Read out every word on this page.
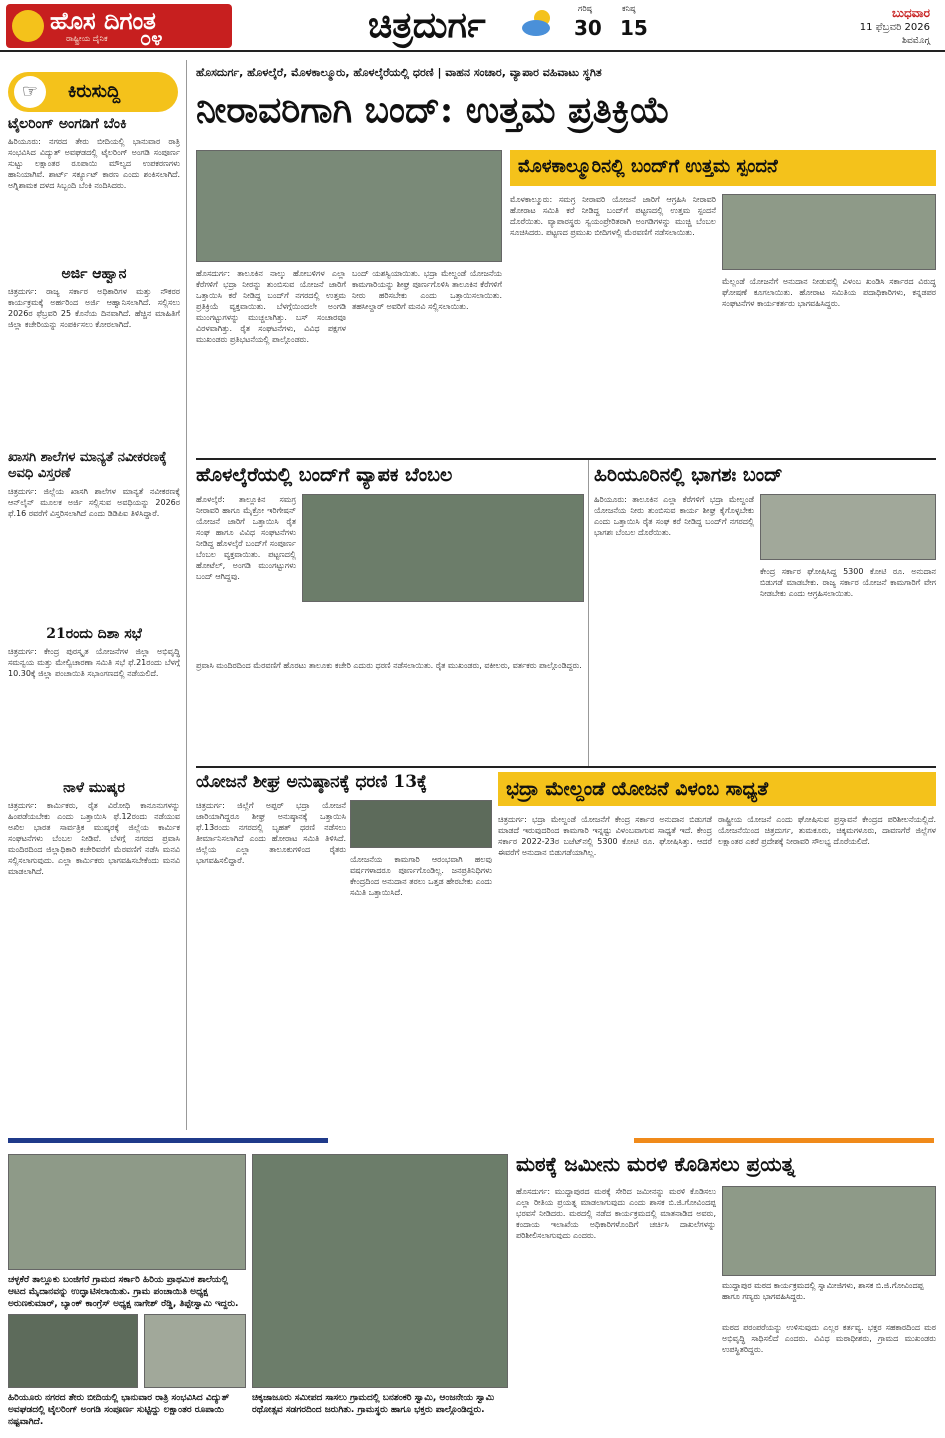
ಹೊಸ ದಿಗಂತ
ರಾಷ್ಟ್ರೀಯ ದೈನಿಕ ೦೪	ಚಿತ್ರದುರ್ಗ	ಗರಿಷ್ಠ
30
ಕನಿಷ್ಠ
15
ಬುಧವಾರ
11 ಫೆಬ್ರವರಿ 2026
ಶಿವಮೊಗ್ಗ
☞	ಕಿರುಸುದ್ದಿ
ಟೈಲರಿಂಗ್ ಅಂಗಡಿಗೆ ಬೆಂಕಿ
ಹಿರಿಯೂರು: ನಗರದ ತೇರು ಬೀದಿಯಲ್ಲಿ ಭಾನುವಾರ ರಾತ್ರಿ ಸಂಭವಿಸಿದ ವಿದ್ಯುತ್ ಅವಘಡದಲ್ಲಿ ಟೈಲರಿಂಗ್ ಅಂಗಡಿ ಸಂಪೂರ್ಣ ಸುಟ್ಟು ಲಕ್ಷಾಂತರ ರೂಪಾಯಿ ಮೌಲ್ಯದ ಉಪಕರಣಗಳು ಹಾನಿಯಾಗಿವೆ. ಶಾರ್ಟ್ ಸರ್ಕ್ಯೂಟ್ ಕಾರಣ ಎಂದು ಶಂಕಿಸಲಾಗಿದೆ. ಅಗ್ನಿಶಾಮಕ ದಳದ ಸಿಬ್ಬಂದಿ ಬೆಂಕಿ ನಂದಿಸಿದರು.
ಅರ್ಜಿ ಆಹ್ವಾನ
ಚಿತ್ರದುರ್ಗ: ರಾಜ್ಯ ಸರ್ಕಾರ ಅಧಿಕಾರಿಗಳ ಮತ್ತು ನೌಕರರ ಕಾರ್ಯಕ್ರಮಕ್ಕೆ ಅರ್ಹರಿಂದ ಅರ್ಜಿ ಆಹ್ವಾನಿಸಲಾಗಿದೆ. ಸಲ್ಲಿಸಲು 2026ರ ಫೆಬ್ರವರಿ 25 ಕೊನೆಯ ದಿನವಾಗಿದೆ. ಹೆಚ್ಚಿನ ಮಾಹಿತಿಗೆ ಜಿಲ್ಲಾ ಕಚೇರಿಯನ್ನು ಸಂಪರ್ಕಿಸಲು ಕೋರಲಾಗಿದೆ.
ಖಾಸಗಿ ಶಾಲೆಗಳ ಮಾನ್ಯತೆ ನವೀಕರಣಕ್ಕೆ ಅವಧಿ ವಿಸ್ತರಣೆ
ಚಿತ್ರದುರ್ಗ: ಜಿಲ್ಲೆಯ ಖಾಸಗಿ ಶಾಲೆಗಳ ಮಾನ್ಯತೆ ನವೀಕರಣಕ್ಕೆ ಆನ್‌ಲೈನ್ ಮೂಲಕ ಅರ್ಜಿ ಸಲ್ಲಿಸುವ ಅವಧಿಯನ್ನು 2026ರ ಫೆ.16 ರವರೆಗೆ ವಿಸ್ತರಿಸಲಾಗಿದೆ ಎಂದು ಡಿಡಿಪಿಐ ತಿಳಿಸಿದ್ದಾರೆ.
21ರಂದು ದಿಶಾ ಸಭೆ
ಚಿತ್ರದುರ್ಗ: ಕೇಂದ್ರ ಪುರಸ್ಕೃತ ಯೋಜನೆಗಳ ಜಿಲ್ಲಾ ಅಭಿವೃದ್ಧಿ ಸಮನ್ವಯ ಮತ್ತು ಮೇಲ್ವಿಚಾರಣಾ ಸಮಿತಿ ಸಭೆ ಫೆ.21ರಂದು ಬೆಳಗ್ಗೆ 10.30ಕ್ಕೆ ಜಿಲ್ಲಾ ಪಂಚಾಯಿತಿ ಸಭಾಂಗಣದಲ್ಲಿ ನಡೆಯಲಿದೆ.
ನಾಳೆ ಮುಷ್ಕರ
ಚಿತ್ರದುರ್ಗ: ಕಾರ್ಮಿಕರು, ರೈತ ವಿರೋಧಿ ಕಾನೂನುಗಳನ್ನು ಹಿಂಪಡೆಯಬೇಕು ಎಂದು ಒತ್ತಾಯಿಸಿ ಫೆ.12ರಂದು ನಡೆಯುವ ಅಖಿಲ ಭಾರತ ಸಾರ್ವತ್ರಿಕ ಮುಷ್ಕರಕ್ಕೆ ಜಿಲ್ಲೆಯ ಕಾರ್ಮಿಕ ಸಂಘಟನೆಗಳು ಬೆಂಬಲ ನೀಡಿವೆ. ಬೆಳಗ್ಗೆ ನಗರದ ಪ್ರವಾಸಿ ಮಂದಿರದಿಂದ ಜಿಲ್ಲಾಧಿಕಾರಿ ಕಚೇರಿವರೆಗೆ ಮೆರವಣಿಗೆ ನಡೆಸಿ ಮನವಿ ಸಲ್ಲಿಸಲಾಗುವುದು. ಎಲ್ಲಾ ಕಾರ್ಮಿಕರು ಭಾಗವಹಿಸಬೇಕೆಂದು ಮನವಿ ಮಾಡಲಾಗಿದೆ.
ಹೊಸದುರ್ಗ, ಹೊಳಲ್ಕೆರೆ, ಮೊಳಕಾಲ್ಮೂರು, ಹೊಳಲ್ಕೆರೆಯಲ್ಲಿ ಧರಣಿ | ವಾಹನ ಸಂಚಾರ, ವ್ಯಾಪಾರ ವಹಿವಾಟು ಸ್ಥಗಿತ
ನೀರಾವರಿಗಾಗಿ ಬಂದ್: ಉತ್ತಮ ಪ್ರತಿಕ್ರಿಯೆ
ಮೊಳಕಾಲ್ಮೂರಿನಲ್ಲಿ ಬಂದ್‌ಗೆ ಉತ್ತಮ ಸ್ಪಂದನೆ
ಹೊಸದುರ್ಗ: ತಾಲೂಕಿನ ನಾಲ್ಕು ಹೋಬಳಿಗಳ ಎಲ್ಲಾ ಕೆರೆಗಳಿಗೆ ಭದ್ರಾ ನೀರನ್ನು ತುಂಬಿಸುವ ಯೋಜನೆ ಜಾರಿಗೆ ಒತ್ತಾಯಿಸಿ ಕರೆ ನೀಡಿದ್ದ ಬಂದ್‌ಗೆ ನಗರದಲ್ಲಿ ಉತ್ತಮ ಪ್ರತಿಕ್ರಿಯೆ ವ್ಯಕ್ತವಾಯಿತು. ಬೆಳಗ್ಗೆಯಿಂದಲೇ ಅಂಗಡಿ ಮುಂಗಟ್ಟುಗಳನ್ನು ಮುಚ್ಚಲಾಗಿತ್ತು. ಬಸ್ ಸಂಚಾರವೂ ವಿರಳವಾಗಿತ್ತು. ರೈತ ಸಂಘಟನೆಗಳು, ವಿವಿಧ ಪಕ್ಷಗಳ ಮುಖಂಡರು ಪ್ರತಿಭಟನೆಯಲ್ಲಿ ಪಾಲ್ಗೊಂಡರು.
ಬಂದ್ ಯಶಸ್ವಿಯಾಯಿತು. ಭದ್ರಾ ಮೇಲ್ದಂಡೆ ಯೋಜನೆಯ ಕಾಮಗಾರಿಯನ್ನು ಶೀಘ್ರ ಪೂರ್ಣಗೊಳಿಸಿ ತಾಲೂಕಿನ ಕೆರೆಗಳಿಗೆ ನೀರು ಹರಿಸಬೇಕು ಎಂದು ಒತ್ತಾಯಿಸಲಾಯಿತು. ತಹಸೀಲ್ದಾರ್ ಅವರಿಗೆ ಮನವಿ ಸಲ್ಲಿಸಲಾಯಿತು.
ಮೊಳಕಾಲ್ಮೂರು: ಸಮಗ್ರ ನೀರಾವರಿ ಯೋಜನೆ ಜಾರಿಗೆ ಆಗ್ರಹಿಸಿ ನೀರಾವರಿ ಹೋರಾಟ ಸಮಿತಿ ಕರೆ ನೀಡಿದ್ದ ಬಂದ್‌ಗೆ ಪಟ್ಟಣದಲ್ಲಿ ಉತ್ತಮ ಸ್ಪಂದನೆ ದೊರೆಯಿತು. ವ್ಯಾಪಾರಸ್ಥರು ಸ್ವಯಂಪ್ರೇರಿತರಾಗಿ ಅಂಗಡಿಗಳನ್ನು ಮುಚ್ಚಿ ಬೆಂಬಲ ಸೂಚಿಸಿದರು. ಪಟ್ಟಣದ ಪ್ರಮುಖ ಬೀದಿಗಳಲ್ಲಿ ಮೆರವಣಿಗೆ ನಡೆಸಲಾಯಿತು.
ಮೆಲ್ಲಂಡೆ ಯೋಜನೆಗೆ ಅನುದಾನ ನೀಡುವಲ್ಲಿ ವಿಳಂಬ ಖಂಡಿಸಿ ಸರ್ಕಾರದ ವಿರುದ್ಧ ಘೋಷಣೆ ಕೂಗಲಾಯಿತು. ಹೋರಾಟ ಸಮಿತಿಯ ಪದಾಧಿಕಾರಿಗಳು, ಕನ್ನಡಪರ ಸಂಘಟನೆಗಳ ಕಾರ್ಯಕರ್ತರು ಭಾಗವಹಿಸಿದ್ದರು.
ಹೊಳಲ್ಕೆರೆಯಲ್ಲಿ ಬಂದ್‌ಗೆ ವ್ಯಾಪಕ ಬೆಂಬಲ
ಹೊಳಲ್ಕೆರೆ: ತಾಲ್ಲೂಕಿನ ಸಮಗ್ರ ನೀರಾವರಿ ಹಾಗೂ ಮೈಕ್ರೋ ಇರಿಗೇಷನ್ ಯೋಜನೆ ಜಾರಿಗೆ ಒತ್ತಾಯಿಸಿ ರೈತ ಸಂಘ ಹಾಗೂ ವಿವಿಧ ಸಂಘಟನೆಗಳು ನೀಡಿದ್ದ ಹೊಳಲ್ಕೆರೆ ಬಂದ್‌ಗೆ ಸಂಪೂರ್ಣ ಬೆಂಬಲ ವ್ಯಕ್ತವಾಯಿತು. ಪಟ್ಟಣದಲ್ಲಿ ಹೋಟೆಲ್, ಅಂಗಡಿ ಮುಂಗಟ್ಟುಗಳು ಬಂದ್ ಆಗಿದ್ದವು.
ಪ್ರವಾಸಿ ಮಂದಿರದಿಂದ ಮೆರವಣಿಗೆ ಹೊರಟು ತಾಲೂಕು ಕಚೇರಿ ಎದುರು ಧರಣಿ ನಡೆಸಲಾಯಿತು. ರೈತ ಮುಖಂಡರು, ವಕೀಲರು, ವರ್ತಕರು ಪಾಲ್ಗೊಂಡಿದ್ದರು.
ಹಿರಿಯೂರಿನಲ್ಲಿ ಭಾಗಶಃ ಬಂದ್
ಹಿರಿಯೂರು: ತಾಲೂಕಿನ ಎಲ್ಲಾ ಕೆರೆಗಳಿಗೆ ಭದ್ರಾ ಮೇಲ್ದಂಡೆ ಯೋಜನೆಯ ನೀರು ತುಂಬಿಸುವ ಕಾರ್ಯ ಶೀಘ್ರ ಕೈಗೊಳ್ಳಬೇಕು ಎಂದು ಒತ್ತಾಯಿಸಿ ರೈತ ಸಂಘ ಕರೆ ನೀಡಿದ್ದ ಬಂದ್‌ಗೆ ನಗರದಲ್ಲಿ ಭಾಗಶಃ ಬೆಂಬಲ ದೊರೆಯಿತು.
ಕೇಂದ್ರ ಸರ್ಕಾರ ಘೋಷಿಸಿದ್ದ 5300 ಕೋಟಿ ರೂ. ಅನುದಾನ ಬಿಡುಗಡೆ ಮಾಡಬೇಕು. ರಾಜ್ಯ ಸರ್ಕಾರ ಯೋಜನೆ ಕಾಮಗಾರಿಗೆ ವೇಗ ನೀಡಬೇಕು ಎಂದು ಆಗ್ರಹಿಸಲಾಯಿತು.
ಯೋಜನೆ ಶೀಘ್ರ ಅನುಷ್ಠಾನಕ್ಕೆ ಧರಣಿ 13ಕ್ಕೆ
ಚಿತ್ರದುರ್ಗ: ಜಿಲ್ಲೆಗೆ ಅಪ್ಪರ್ ಭದ್ರಾ ಯೋಜನೆ ಜಾರಿಯಾಗಿದ್ದರೂ ಶೀಘ್ರ ಅನುಷ್ಠಾನಕ್ಕೆ ಒತ್ತಾಯಿಸಿ ಫೆ.13ರಂದು ನಗರದಲ್ಲಿ ಬೃಹತ್ ಧರಣಿ ನಡೆಸಲು ತೀರ್ಮಾನಿಸಲಾಗಿದೆ ಎಂದು ಹೋರಾಟ ಸಮಿತಿ ತಿಳಿಸಿದೆ. ಜಿಲ್ಲೆಯ ಎಲ್ಲಾ ತಾಲೂಕುಗಳಿಂದ ರೈತರು ಭಾಗವಹಿಸಲಿದ್ದಾರೆ.	ಯೋಜನೆಯ ಕಾಮಗಾರಿ ಆರಂಭವಾಗಿ ಹಲವು ವರ್ಷಗಳಾದರೂ ಪೂರ್ಣಗೊಂಡಿಲ್ಲ. ಜನಪ್ರತಿನಿಧಿಗಳು ಕೇಂದ್ರದಿಂದ ಅನುದಾನ ತರಲು ಒತ್ತಡ ಹೇರಬೇಕು ಎಂದು ಸಮಿತಿ ಒತ್ತಾಯಿಸಿದೆ.
ಭದ್ರಾ ಮೇಲ್ದಂಡೆ ಯೋಜನೆ ವಿಳಂಬ ಸಾಧ್ಯತೆ
ಚಿತ್ರದುರ್ಗ: ಭದ್ರಾ ಮೇಲ್ದಂಡೆ ಯೋಜನೆಗೆ ಕೇಂದ್ರ ಸರ್ಕಾರ ಅನುದಾನ ಬಿಡುಗಡೆ ಮಾಡದೆ ಇರುವುದರಿಂದ ಕಾಮಗಾರಿ ಇನ್ನಷ್ಟು ವಿಳಂಬವಾಗುವ ಸಾಧ್ಯತೆ ಇದೆ. ಕೇಂದ್ರ ಸರ್ಕಾರ 2022-23ರ ಬಜೆಟ್‌ನಲ್ಲಿ 5300 ಕೋಟಿ ರೂ. ಘೋಷಿಸಿತ್ತು. ಆದರೆ ಈವರೆಗೆ ಅನುದಾನ ಬಿಡುಗಡೆಯಾಗಿಲ್ಲ.
ರಾಷ್ಟ್ರೀಯ ಯೋಜನೆ ಎಂದು ಘೋಷಿಸುವ ಪ್ರಸ್ತಾವನೆ ಕೇಂದ್ರದ ಪರಿಶೀಲನೆಯಲ್ಲಿದೆ. ಯೋಜನೆಯಿಂದ ಚಿತ್ರದುರ್ಗ, ತುಮಕೂರು, ಚಿಕ್ಕಮಗಳೂರು, ದಾವಣಗೆರೆ ಜಿಲ್ಲೆಗಳ ಲಕ್ಷಾಂತರ ಎಕರೆ ಪ್ರದೇಶಕ್ಕೆ ನೀರಾವರಿ ಸೌಲಭ್ಯ ದೊರೆಯಲಿದೆ.
ಚಳ್ಳಕೆರೆ ತಾಲ್ಲೂಕು ಬಂಜಿಗೆರೆ ಗ್ರಾಮದ ಸರ್ಕಾರಿ ಹಿರಿಯ ಪ್ರಾಥಮಿಕ ಶಾಲೆಯಲ್ಲಿ ಆಟದ ಮೈದಾನವನ್ನು ಉದ್ಘಾಟಿಸಲಾಯಿತು. ಗ್ರಾಮ ಪಂಚಾಯಿತಿ ಅಧ್ಯಕ್ಷ ಅರುಣಕುಮಾರ್, ಬ್ಯಾಂಕ್ ಕಾಂಗ್ರೆಸ್ ಅಧ್ಯಕ್ಷ ನಾಗೇಶ್ ರೆಡ್ಡಿ, ತಿಪ್ಪೇಸ್ವಾಮಿ ಇದ್ದರು.
ಹಿರಿಯೂರು ನಗರದ ತೇರು ಬೀದಿಯಲ್ಲಿ ಭಾನುವಾರ ರಾತ್ರಿ ಸಂಭವಿಸಿದ ವಿದ್ಯುತ್ ಅವಘಡದಲ್ಲಿ ಟೈಲರಿಂಗ್ ಅಂಗಡಿ ಸಂಪೂರ್ಣ ಸುಟ್ಟಿದ್ದು ಲಕ್ಷಾಂತರ ರೂಪಾಯಿ ನಷ್ಟವಾಗಿದೆ.
ಚಿಕ್ಕಜಾಜೂರು ಸಮೀಪದ ಸಾಸಲು ಗ್ರಾಮದಲ್ಲಿ ಬನಶಂಕರಿ ಸ್ವಾಮಿ, ಆಂಜನೇಯ ಸ್ವಾಮಿ ರಥೋತ್ಸವ ಸಡಗರದಿಂದ ಜರುಗಿತು. ಗ್ರಾಮಸ್ಥರು ಹಾಗೂ ಭಕ್ತರು ಪಾಲ್ಗೊಂಡಿದ್ದರು.
ಮಠಕ್ಕೆ ಜಮೀನು ಮರಳಿ ಕೊಡಿಸಲು ಪ್ರಯತ್ನ
ಹೊಸದುರ್ಗ: ಮುದ್ದಾಪುರದ ಮಠಕ್ಕೆ ಸೇರಿದ ಜಮೀನನ್ನು ಮರಳಿ ಕೊಡಿಸಲು ಎಲ್ಲಾ ರೀತಿಯ ಪ್ರಯತ್ನ ಮಾಡಲಾಗುವುದು ಎಂದು ಶಾಸಕ ಬಿ.ಜಿ.ಗೋವಿಂದಪ್ಪ ಭರವಸೆ ನೀಡಿದರು. ಮಠದಲ್ಲಿ ನಡೆದ ಕಾರ್ಯಕ್ರಮದಲ್ಲಿ ಮಾತನಾಡಿದ ಅವರು, ಕಂದಾಯ ಇಲಾಖೆಯ ಅಧಿಕಾರಿಗಳೊಂದಿಗೆ ಚರ್ಚಿಸಿ ದಾಖಲೆಗಳನ್ನು ಪರಿಶೀಲಿಸಲಾಗುವುದು ಎಂದರು.
ಮುದ್ದಾಪುರ ಮಠದ ಕಾರ್ಯಕ್ರಮದಲ್ಲಿ ಸ್ವಾಮೀಜಿಗಳು, ಶಾಸಕ ಬಿ.ಜಿ.ಗೋವಿಂದಪ್ಪ ಹಾಗೂ ಗಣ್ಯರು ಭಾಗವಹಿಸಿದ್ದರು.
ಮಠದ ಪರಂಪರೆಯನ್ನು ಉಳಿಸುವುದು ಎಲ್ಲರ ಕರ್ತವ್ಯ. ಭಕ್ತರ ಸಹಕಾರದಿಂದ ಮಠ ಅಭಿವೃದ್ಧಿ ಸಾಧಿಸಲಿದೆ ಎಂದರು. ವಿವಿಧ ಮಠಾಧೀಶರು, ಗ್ರಾಮದ ಮುಖಂಡರು ಉಪಸ್ಥಿತರಿದ್ದರು.
